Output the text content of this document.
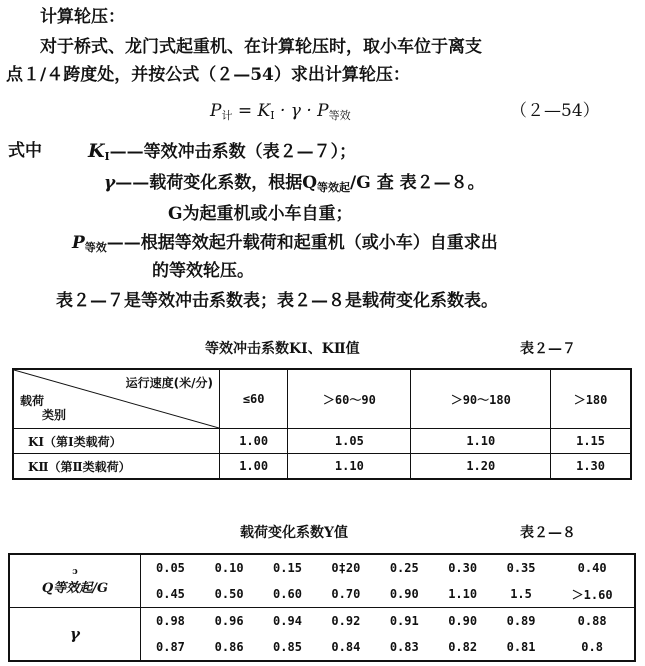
计算轮压：
对于桥式、龙门式起重机、在计算轮压时，取小车位于离支
点１/４跨度处，并按公式（２—54）求出计算轮压：
$P_计 = K_Ⅰ \cdot \gamma \cdot P_{等效}$	（２—54）
式中 $K_Ⅰ——$等效冲击系数（表２—７）；
γ——载荷变化系数，根据$Q_{等效起}/G$ 查 表２—８。
G为起重机或小车自重；
$P_{等效}——$根据等效起升载荷和起重机（或小车）自重求出
的等效轮压。
表２—７是等效冲击系数表；表２—８是载荷变化系数表。
等效冲击系数KⅠ、KⅡ值	表２—７
运行速度(米/分)
载荷
类别	≤60	＞60～90	＞90～180	＞180
KⅠ（第Ⅰ类载荷）	1.00	1.05	1.10	1.15
KⅡ（第Ⅱ类载荷）	1.00	1.10	1.20	1.30
载荷变化系数Y值	表２—８
ɔ
Q等效起/G	0.05	0.10	0.15	0‡20	0.25	0.30	0.35	0.40
	0.45	0.50	0.60	0.70	0.90	1.10	1.5	＞1.60
γ	0.98	0.96	0.94	0.92	0.91	0.90	0.89	0.88
	0.87	0.86	0.85	0.84	0.83	0.82	0.81	0.8
